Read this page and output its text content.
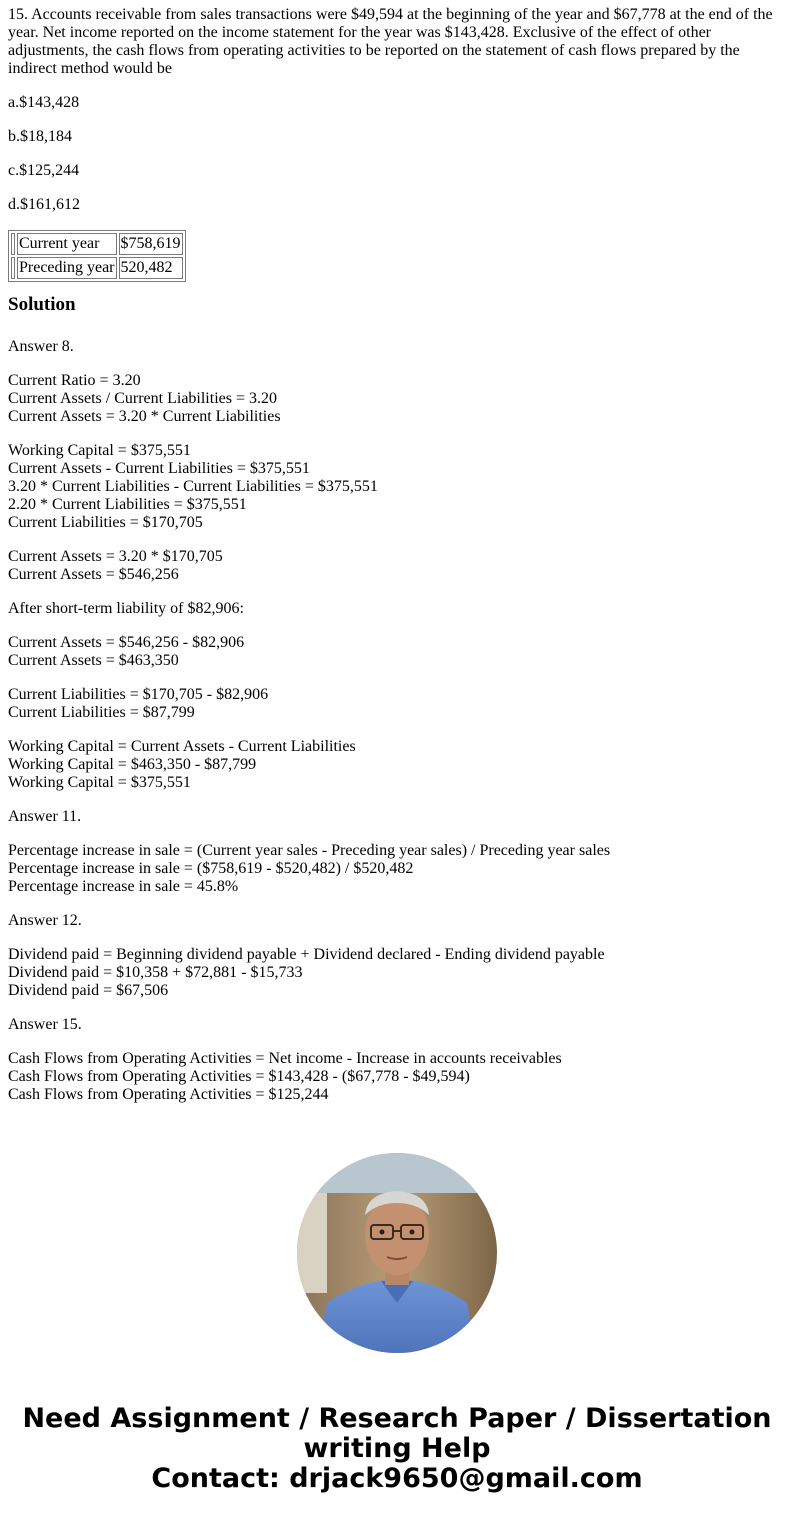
15. Accounts receivable from sales transactions were $49,594 at the beginning of the year and $67,778 at the end of the year. Net income reported on the income statement for the year was $143,428. Exclusive of the effect of other adjustments, the cash flows from operating activities to be reported on the statement of cash flows prepared by the indirect method would be
a.$143,428
b.$18,184
c.$125,244
d.$161,612
	Current year	$758,619
	Preceding year	520,482
Solution
Answer 8.
Current Ratio = 3.20
Current Assets / Current Liabilities = 3.20
Current Assets = 3.20 * Current Liabilities
Working Capital = $375,551
Current Assets - Current Liabilities = $375,551
3.20 * Current Liabilities - Current Liabilities = $375,551
2.20 * Current Liabilities = $375,551
Current Liabilities = $170,705
Current Assets = 3.20 * $170,705
Current Assets = $546,256
After short-term liability of $82,906:
Current Assets = $546,256 - $82,906
Current Assets = $463,350
Current Liabilities = $170,705 - $82,906
Current Liabilities = $87,799
Working Capital = Current Assets - Current Liabilities
Working Capital = $463,350 - $87,799
Working Capital = $375,551
Answer 11.
Percentage increase in sale = (Current year sales - Preceding year sales) / Preceding year sales
Percentage increase in sale = ($758,619 - $520,482) / $520,482
Percentage increase in sale = 45.8%
Answer 12.
Dividend paid = Beginning dividend payable + Dividend declared - Ending dividend payable
Dividend paid = $10,358 + $72,881 - $15,733
Dividend paid = $67,506
Answer 15.
Cash Flows from Operating Activities = Net income - Increase in accounts receivables
Cash Flows from Operating Activities = $143,428 - ($67,778 - $49,594)
Cash Flows from Operating Activities = $125,244
Need Assignment / Research Paper / Dissertation
writing Help
Contact: drjack9650@gmail.com
